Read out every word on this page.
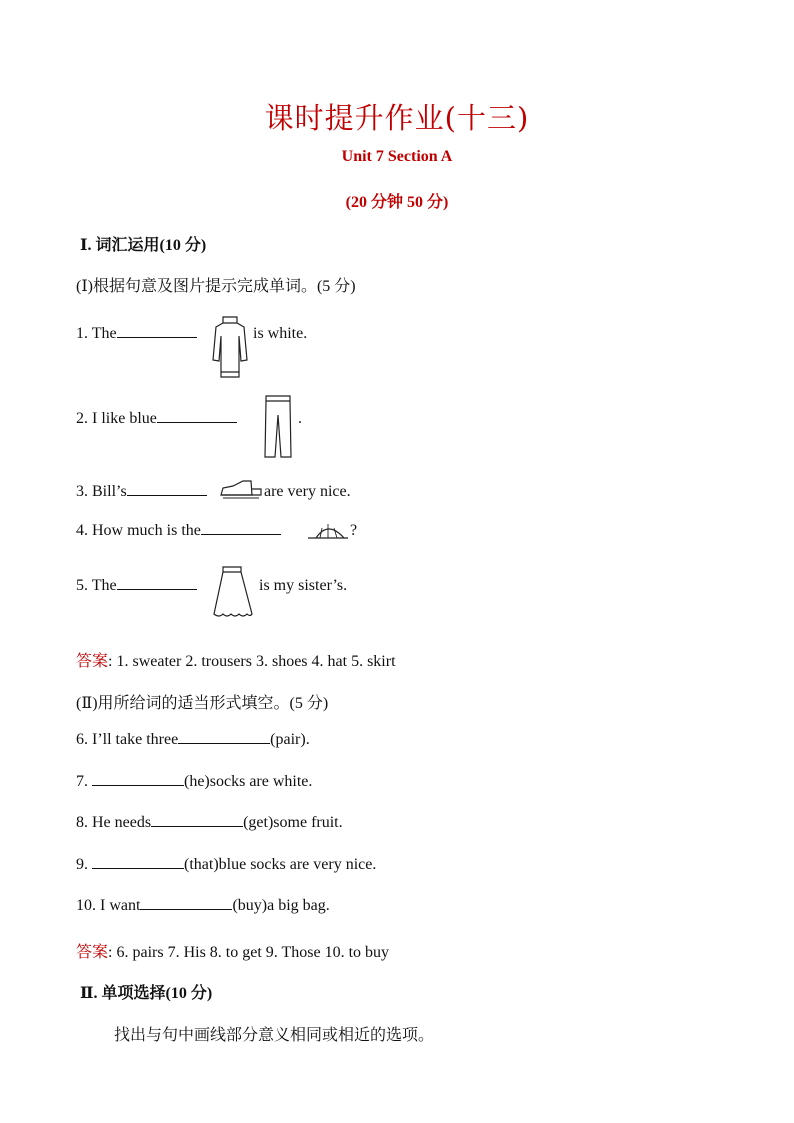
课时提升作业(十三)
Unit 7 Section A
(20 分钟 50 分)
Ⅰ. 词汇运用(10 分)
(Ⅰ)根据句意及图片提示完成单词。(5 分)
1. The	is white.
2. I like blue	.
3. Bill’s	are very nice.
4. How much is the	?
5. The	is my sister’s.
答案: 1. sweater 2. trousers 3. shoes 4. hat 5. skirt
(Ⅱ)用所给词的适当形式填空。(5 分)
6. I’ll take three	(pair).
7.	(he)socks are white.
8. He needs	(get)some fruit.
9.	(that)blue socks are very nice.
10. I want	(buy)a big bag.
答案: 6. pairs 7. His 8. to get 9. Those 10. to buy
Ⅱ. 单项选择(10 分)
找出与句中画线部分意义相同或相近的选项。
